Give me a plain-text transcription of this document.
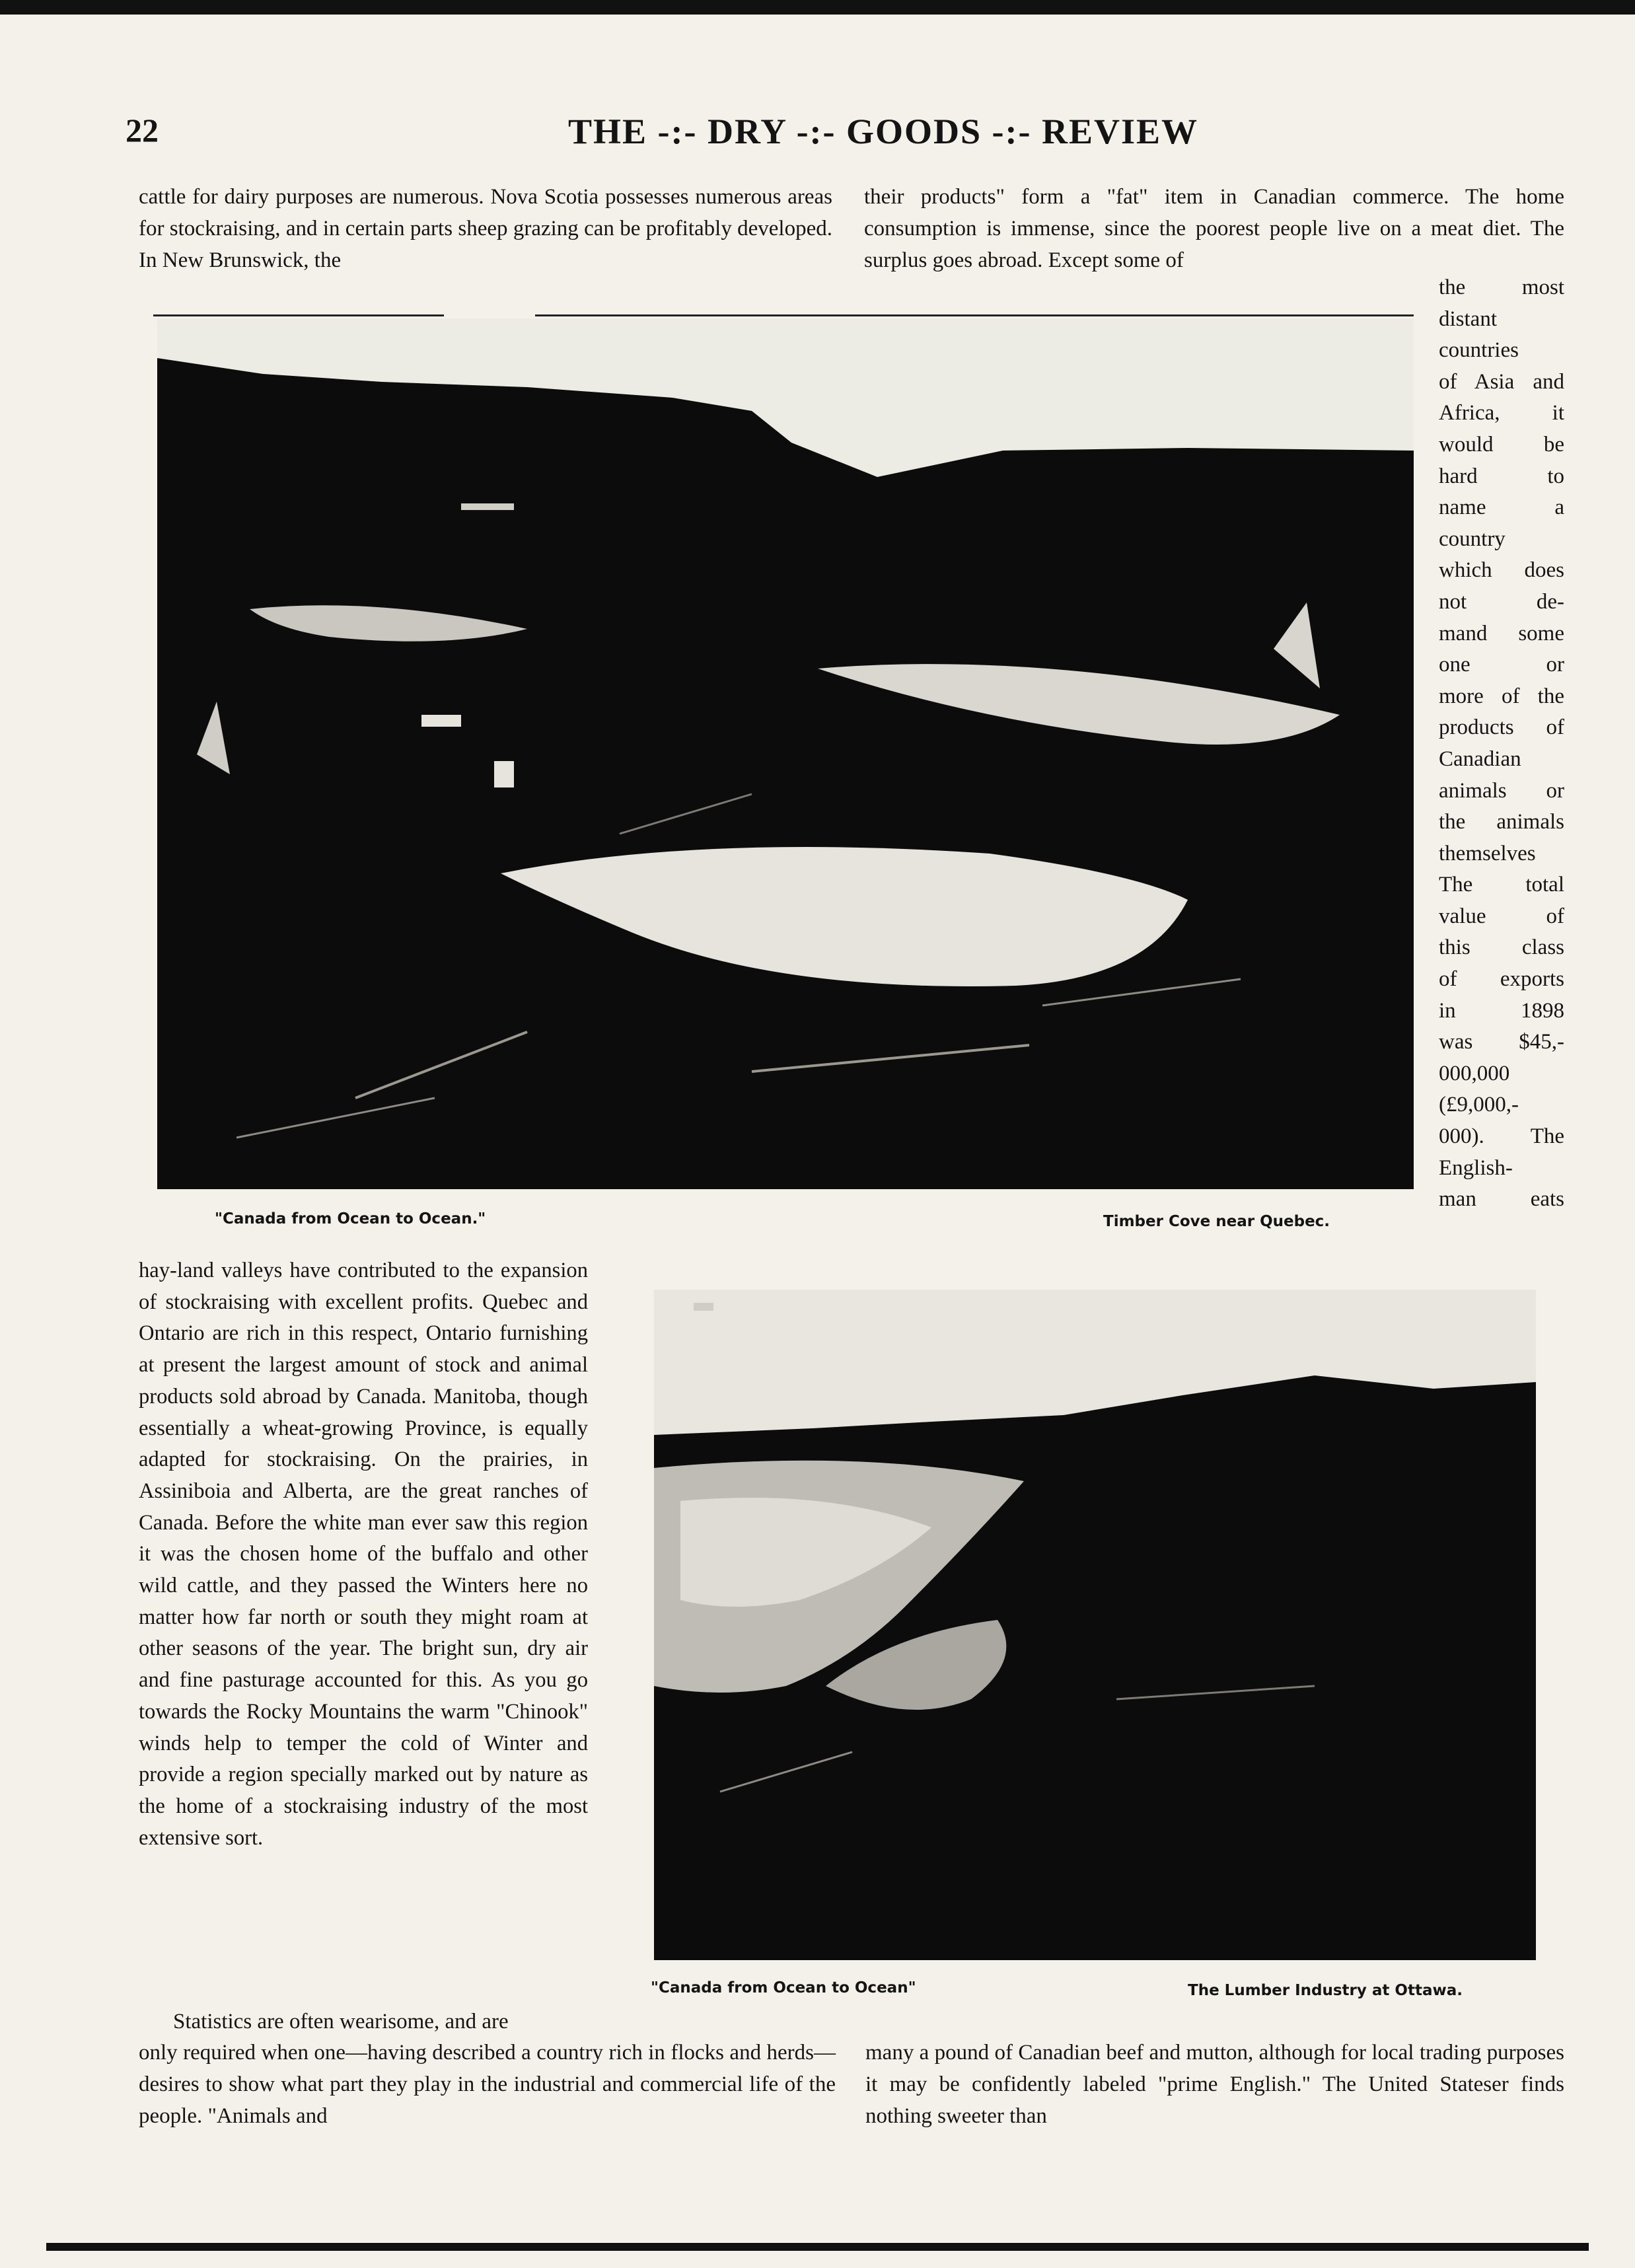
22	THE -:- DRY -:- GOODS -:- REVIEW

cattle for dairy purposes are numerous. Nova Scotia possesses numerous areas for stockraising, and in certain parts sheep grazing can be profitably developed. In New Brunswick, the

their products" form a "fat" item in Canadian commerce. The home consumption is immense, since the poorest people live on a meat diet. The surplus goes abroad. Except some of

"Canada from Ocean to Ocean."	Timber Cove near Quebec.
the most
distant
countries
of Asia and
Africa, it
would be
hard to
name a
country
which does
not de-
mand some
one or
more of the
products of
Canadian
animals or
the animals
themselves
The total
value of
this class
of exports
in 1898
was $45,-
000,000
(£9,000,-
000). The
English-
man eats

hay-land valleys have contributed to the expansion of stockraising with excellent profits. Quebec and Ontario are rich in this respect, Ontario furnishing at present the largest amount of stock and animal products sold abroad by Canada. Manitoba, though essentially a wheat-growing Province, is equally adapted for stockraising. On the prairies, in Assiniboia and Alberta, are the great ranches of Canada. Before the white man ever saw this region it was the chosen home of the buffalo and other wild cattle, and they passed the Winters here no matter how far north or south they might roam at other seasons of the year. The bright sun, dry air and fine pasturage accounted for this. As you go towards the Rocky Mountains the warm "Chinook" winds help to temper the cold of Winter and provide a region specially marked out by nature as the home of a stockraising industry of the most extensive sort.

"Canada from Ocean to Ocean"	The Lumber Industry at Ottawa.

Statistics are often wearisome, and are

only required when one—having described a country rich in flocks and herds—desires to show what part they play in the industrial and commercial life of the people. "Animals and

many a pound of Canadian beef and mutton, although for local trading purposes it may be confidently labeled "prime English." The United Stateser finds nothing sweeter than
